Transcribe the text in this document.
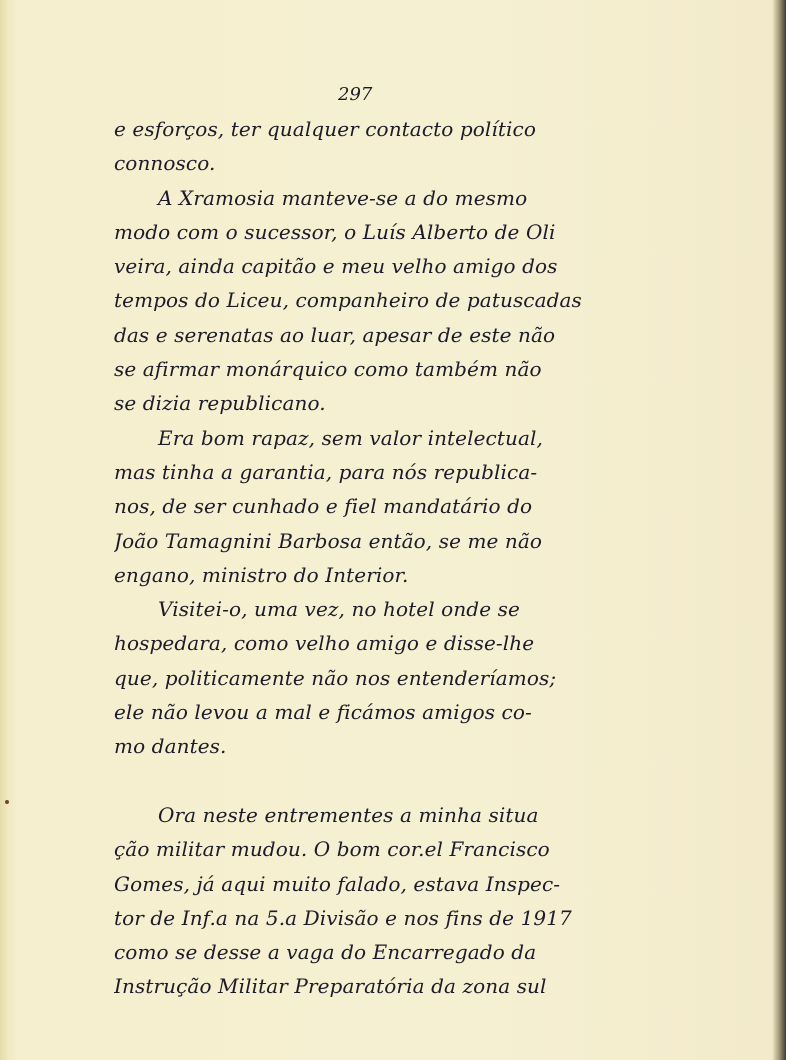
297
e esforços, ter qualquer contacto político
connosco.
A Xramosia manteve-se a do mesmo
modo com o sucessor, o Luís Alberto de Oli
veira, ainda capitão e meu velho amigo dos
tempos do Liceu, companheiro de patuscadas
das e serenatas ao luar, apesar de este não
se afirmar monárquico como também não
se dizia republicano.
Era bom rapaz, sem valor intelectual,
mas tinha a garantia, para nós republica-
nos, de ser cunhado e fiel mandatário do
João Tamagnini Barbosa então, se me não
engano, ministro do Interior.
Visitei-o, uma vez, no hotel onde se
hospedara, como velho amigo e disse-lhe
que, politicamente não nos entenderíamos;
ele não levou a mal e ficámos amigos co-
mo dantes.
Ora neste entrementes a minha situa
ção militar mudou. O bom cor.el Francisco
Gomes, já aqui muito falado, estava Inspec-
tor de Inf.a na 5.a Divisão e nos fins de 1917
como se desse a vaga do Encarregado da
Instrução Militar Preparatória da zona sul
